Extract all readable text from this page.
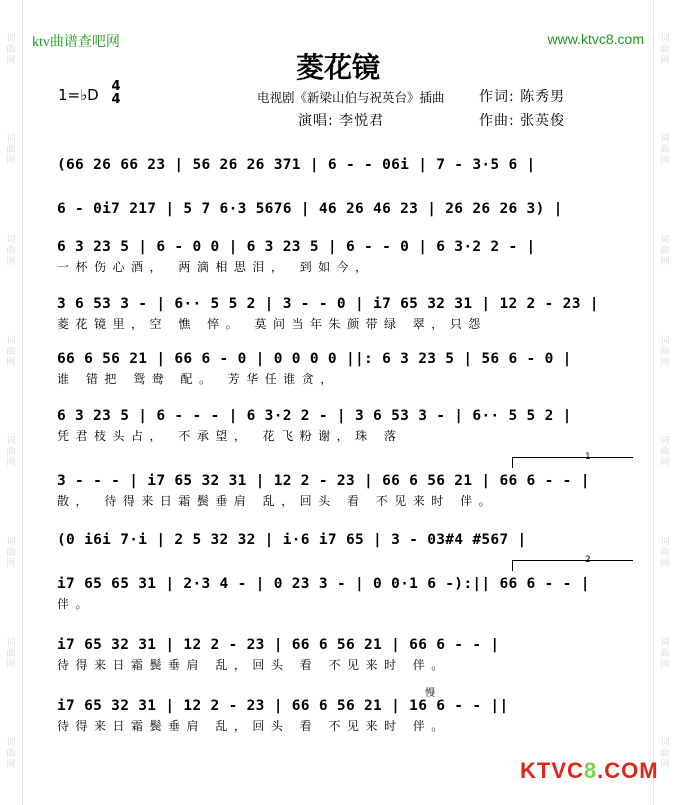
词曲网
词曲网
词曲网
词曲网
词曲网
词曲网
词曲网
词曲网
词曲网
词曲网
词曲网
词曲网
词曲网
词曲网
词曲网
词曲网
ktv曲谱查吧网	www.ktvc8.com
菱花镜
1=♭D 4
4	电视剧《新梁山伯与祝英台》插曲 作词: 陈秀男
演唱: 李悦君	作曲: 张英俊
(66 26 66 23 | 56 26 26 371 | 6 - - 06i | 7 - 3·5 6 |
6 - 0i7 217 | 5 7 6·3 5676 | 46 26 46 23 | 26 26 26 3) |
6 3 23 5 | 6 - 0 0 | 6 3 23 5 | 6 - - 0 | 6 3·2 2 - |
一杯伤心酒， 两滴相思泪， 到如今，
3 6 53 3 - | 6·· 5 5 2 | 3 - - 0 | i7 65 32 31 | 12 2 - 23 |
菱花镜里，空 憔 悴。 莫问当年朱颜带绿 翠，只怨
66 6 56 21 | 66 6 - 0 | 0 0 0 0 ||: 6 3 23 5 | 56 6 - 0 |
谁 错把 鸳鸯 配。 芳华任谁贪，
6 3 23 5 | 6 - - - | 6 3·2 2 - | 3 6 53 3 - | 6·· 5 5 2 |
凭君枝头占， 不承望， 花飞粉谢，珠 落
1
3 - - - | i7 65 32 31 | 12 2 - 23 | 66 6 56 21 | 66 6 - - |
散， 待得来日霜鬓垂肩 乱，回头 看 不见来时 伴。
(0 i6i 7·i | 2 5 32 32 | i·6 i7 65 | 3 - 03#4 #567 |
2
i7 65 65 31 | 2·3 4 - | 0 23 3 - | 0 0·1 6 -):|| 66 6 - - |
伴。
i7 65 32 31 | 12 2 - 23 | 66 6 56 21 | 66 6 - - |
待得来日霜鬓垂肩 乱，回头 看 不见来时 伴。
慢
i7 65 32 31 | 12 2 - 23 | 66 6 56 21 | 16 6 - - ||
待得来日霜鬓垂肩 乱，回头 看 不见来时 伴。
KTVC8.COM
